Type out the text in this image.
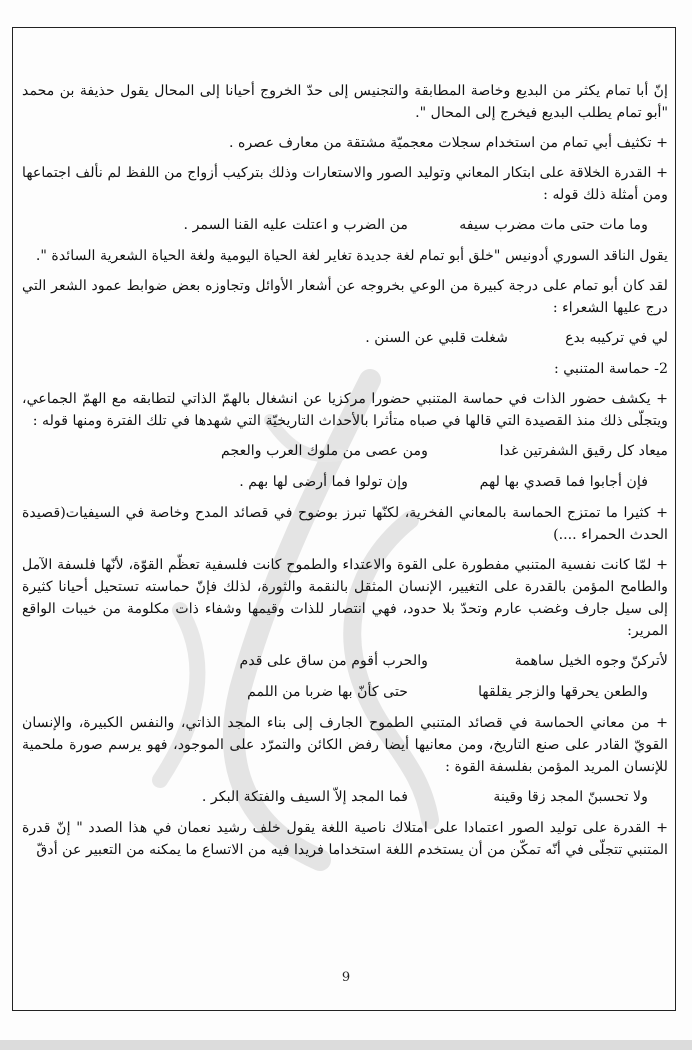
إنّ أبا تمام يكثر من البديع وخاصة المطابقة والتجنيس إلى حدّ الخروج أحيانا إلى المحال يقول حذيفة بن محمد "أبو تمام يطلب البديع فيخرج إلى المحال ".

+ تكثيف أبي تمام من استخدام سجلات معجميّة مشتقة من معارف عصره .

+ القدرة الخلاقة على ابتكار المعاني وتوليد الصور والاستعارات وذلك بتركيب أزواج من اللفظ لم نألف اجتماعها ومن أمثلة ذلك قوله :

وما مات حتى مات مضرب سيفه
من الضرب و اعتلت عليه القنا السمر .

يقول الناقد السوري أدونيس "خلق أبو تمام لغة جديدة تغاير لغة الحياة اليومية ولغة الحياة الشعرية السائدة ".

لقد كان أبو تمام على درجة كبيرة من الوعي بخروجه عن أشعار الأوائل وتجاوزه بعض ضوابط عمود الشعر التي درج عليها الشعراء :

لي في تركيبه بدع
شغلت قلبي عن السنن .

2- حماسة المتنبي :

+ يكشف حضور الذات في حماسة المتنبي حضورا مركزيا عن انشغال بالهمّ الذاتي لتطابقه مع الهمّ الجماعي، ويتجلّى ذلك منذ القصيدة التي قالها في صباه متأثرا بالأحداث التاريخيّة التي شهدها في تلك الفترة ومنها قوله :

ميعاد كل رقيق الشفرتين غدا
ومن عصى من ملوك العرب والعجم
فإن أجابوا فما قصدي بها لهم
وإن تولوا فما أرضى لها بهم .

+ كثيرا ما تمتزج الحماسة بالمعاني الفخرية، لكنّها تبرز بوضوح في قصائد المدح وخاصة في السيفيات(قصيدة الحدث الحمراء ....)

+ لمّا كانت نفسية المتنبي مفطورة على القوة والاعتداء والطموح كانت فلسفية تعظّم القوّة، لأنّها فلسفة الآمل والطامح المؤمن بالقدرة على التغيير، الإنسان المثقل بالنقمة والثورة، لذلك فإنّ حماسته تستحيل أحيانا كثيرة إلى سيل جارف وغضب عارم وتحدّ بلا حدود، فهي انتصار للذات وقيمها وشفاء ذات مكلومة من خيبات الواقع المرير:

لأتركنّ وجوه الخيل ساهمة
والحرب أقوم من ساق على قدم
والطعن يحرقها والزجر يقلقها
حتى كأنّ بها ضربا من اللمم

+ من معاني الحماسة في قصائد المتنبي الطموح الجارف إلى بناء المجد الذاتي، والنفس الكبيرة، والإنسان القويّ القادر على صنع التاريخ، ومن معانيها أيضا رفض الكائن والتمرّد على الموجود، فهو يرسم صورة ملحمية للإنسان المريد المؤمن بفلسفة القوة :

ولا تحسبنّ المجد زقا وقينة
فما المجد إلاّ السيف والفتكة البكر .

+ القدرة على توليد الصور اعتمادا على امتلاك ناصية اللغة يقول خلف رشيد نعمان في هذا الصدد " إنّ قدرة المتنبي تتجلّى في أنّه تمكّن من أن يستخدم اللغة استخداما فريدا فيه من الاتساع ما يمكنه من التعبير عن أدقّ

9
